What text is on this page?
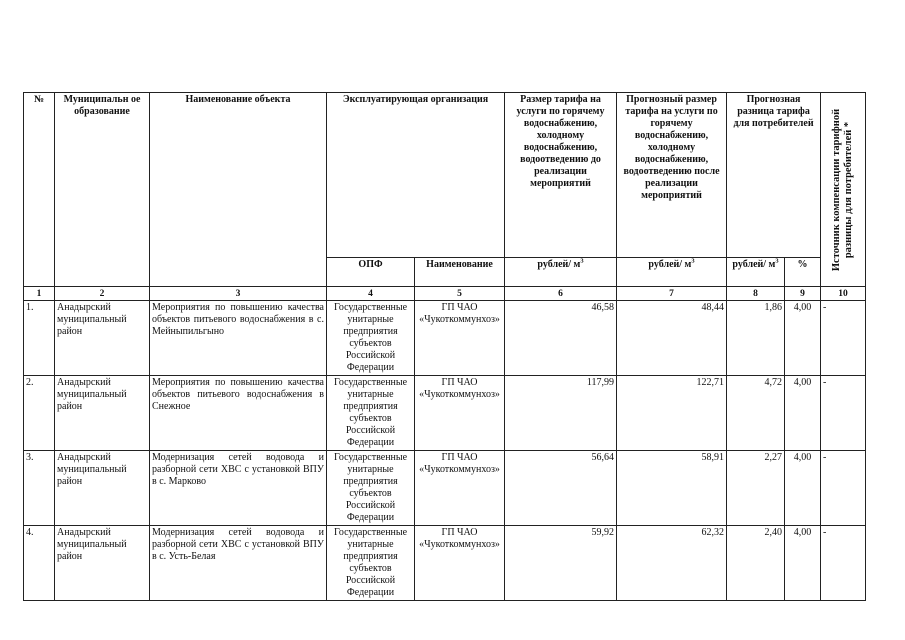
№	Муниципальн ое образование	Наименование объекта	Эксплуатирующая организация		Размер тарифа на услуги по горячему водоснабжению, холодному водоснабжению, водоотведению до реализации мероприятий	Прогнозный размер тарифа на услуги по горячему водоснабжению, холодному водоснабжению, водоотведению после реализации мероприятий	Прогнозная разница тарифа для потребителей		Источник компенсации тарифной разницы для потребителей *

			ОПФ	Наименование	рублей/ $м^3$	рублей/ $м^3$	рублей/ $м^3$	%	
1	2	3	4	5	6	7	8	9	10
1.	Анадырский муниципальный район	Мероприятия по повышению качества объектов питьевого водоснабжения в с. Мейныпильгыно	Государственные унитарные предприятия субъектов Российской Федерации	ГП ЧАО «Чукоткоммунхоз»	46,58	48,44	1,86	4,00	-
2.	Анадырский муниципальный район	Мероприятия по повышению качества объектов питьевого водоснабжения в Снежное	Государственные унитарные предприятия субъектов Российской Федерации	ГП ЧАО «Чукоткоммунхоз»	117,99	122,71	4,72	4,00	-
3.	Анадырский муниципальный район	Модернизация сетей водовода и разборной сети ХВС с установкой ВПУ в с. Марково	Государственные унитарные предприятия субъектов Российской Федерации	ГП ЧАО «Чукоткоммунхоз»	56,64	58,91	2,27	4,00	-
4.	Анадырский муниципальный район	Модернизация сетей водовода и разборной сети ХВС с установкой ВПУ в с. Усть-Белая	Государственные унитарные предприятия субъектов Российской Федерации	ГП ЧАО «Чукоткоммунхоз»	59,92	62,32	2,40	4,00	-
